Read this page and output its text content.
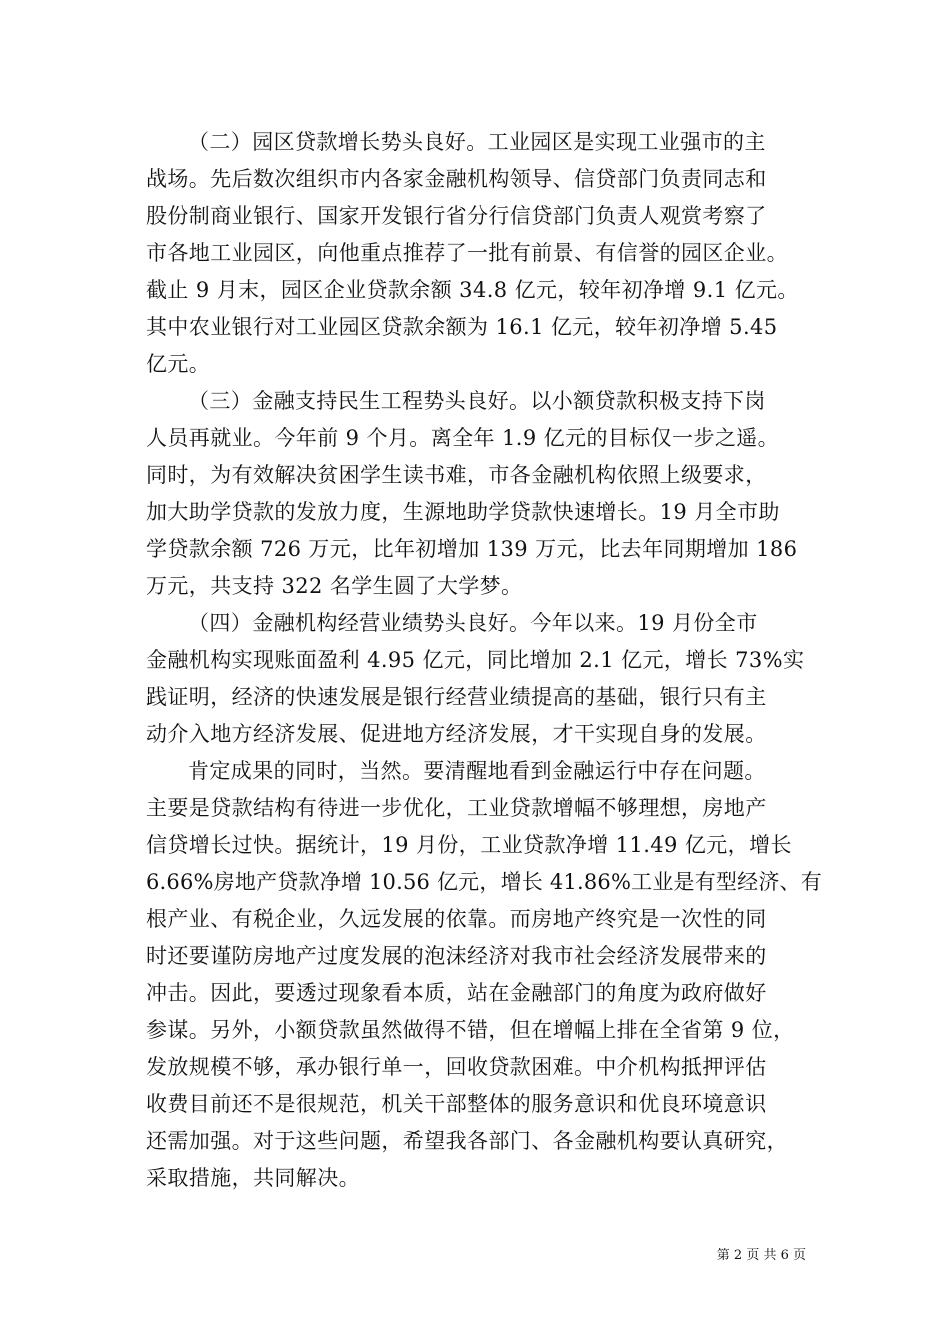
（二）园区贷款增长势头良好。工业园区是实现工业强市的主
战场。先后数次组织市内各家金融机构领导、信贷部门负责同志和
股份制商业银行、国家开发银行省分行信贷部门负责人观赏考察了
市各地工业园区，向他重点推荐了一批有前景、有信誉的园区企业。
截止 9 月末，园区企业贷款余额 34.8 亿元，较年初净增 9.1 亿元。
其中农业银行对工业园区贷款余额为 16.1 亿元，较年初净增 5.45
亿元。

（三）金融支持民生工程势头良好。以小额贷款积极支持下岗
人员再就业。今年前 9 个月。离全年 1.9 亿元的目标仅一步之遥。
同时，为有效解决贫困学生读书难，市各金融机构依照上级要求，
加大助学贷款的发放力度，生源地助学贷款快速增长。19 月全市助
学贷款余额 726 万元，比年初增加 139 万元，比去年同期增加 186
万元，共支持 322 名学生圆了大学梦。

（四）金融机构经营业绩势头良好。今年以来。19 月份全市
金融机构实现账面盈利 4.95 亿元，同比增加 2.1 亿元，增长 73%实
践证明，经济的快速发展是银行经营业绩提高的基础，银行只有主
动介入地方经济发展、促进地方经济发展，才干实现自身的发展。

肯定成果的同时，当然。要清醒地看到金融运行中存在问题。
主要是贷款结构有待进一步优化，工业贷款增幅不够理想，房地产
信贷增长过快。据统计，19 月份，工业贷款净增 11.49 亿元，增长
6.66%房地产贷款净增 10.56 亿元，增长 41.86%工业是有型经济、有
根产业、有税企业，久远发展的依靠。而房地产终究是一次性的同
时还要谨防房地产过度发展的泡沫经济对我市社会经济发展带来的
冲击。因此，要透过现象看本质，站在金融部门的角度为政府做好
参谋。另外，小额贷款虽然做得不错，但在增幅上排在全省第 9 位，
发放规模不够，承办银行单一，回收贷款困难。中介机构抵押评估
收费目前还不是很规范，机关干部整体的服务意识和优良环境意识
还需加强。对于这些问题，希望我各部门、各金融机构要认真研究，
采取措施，共同解决。

第 2 页 共 6 页
